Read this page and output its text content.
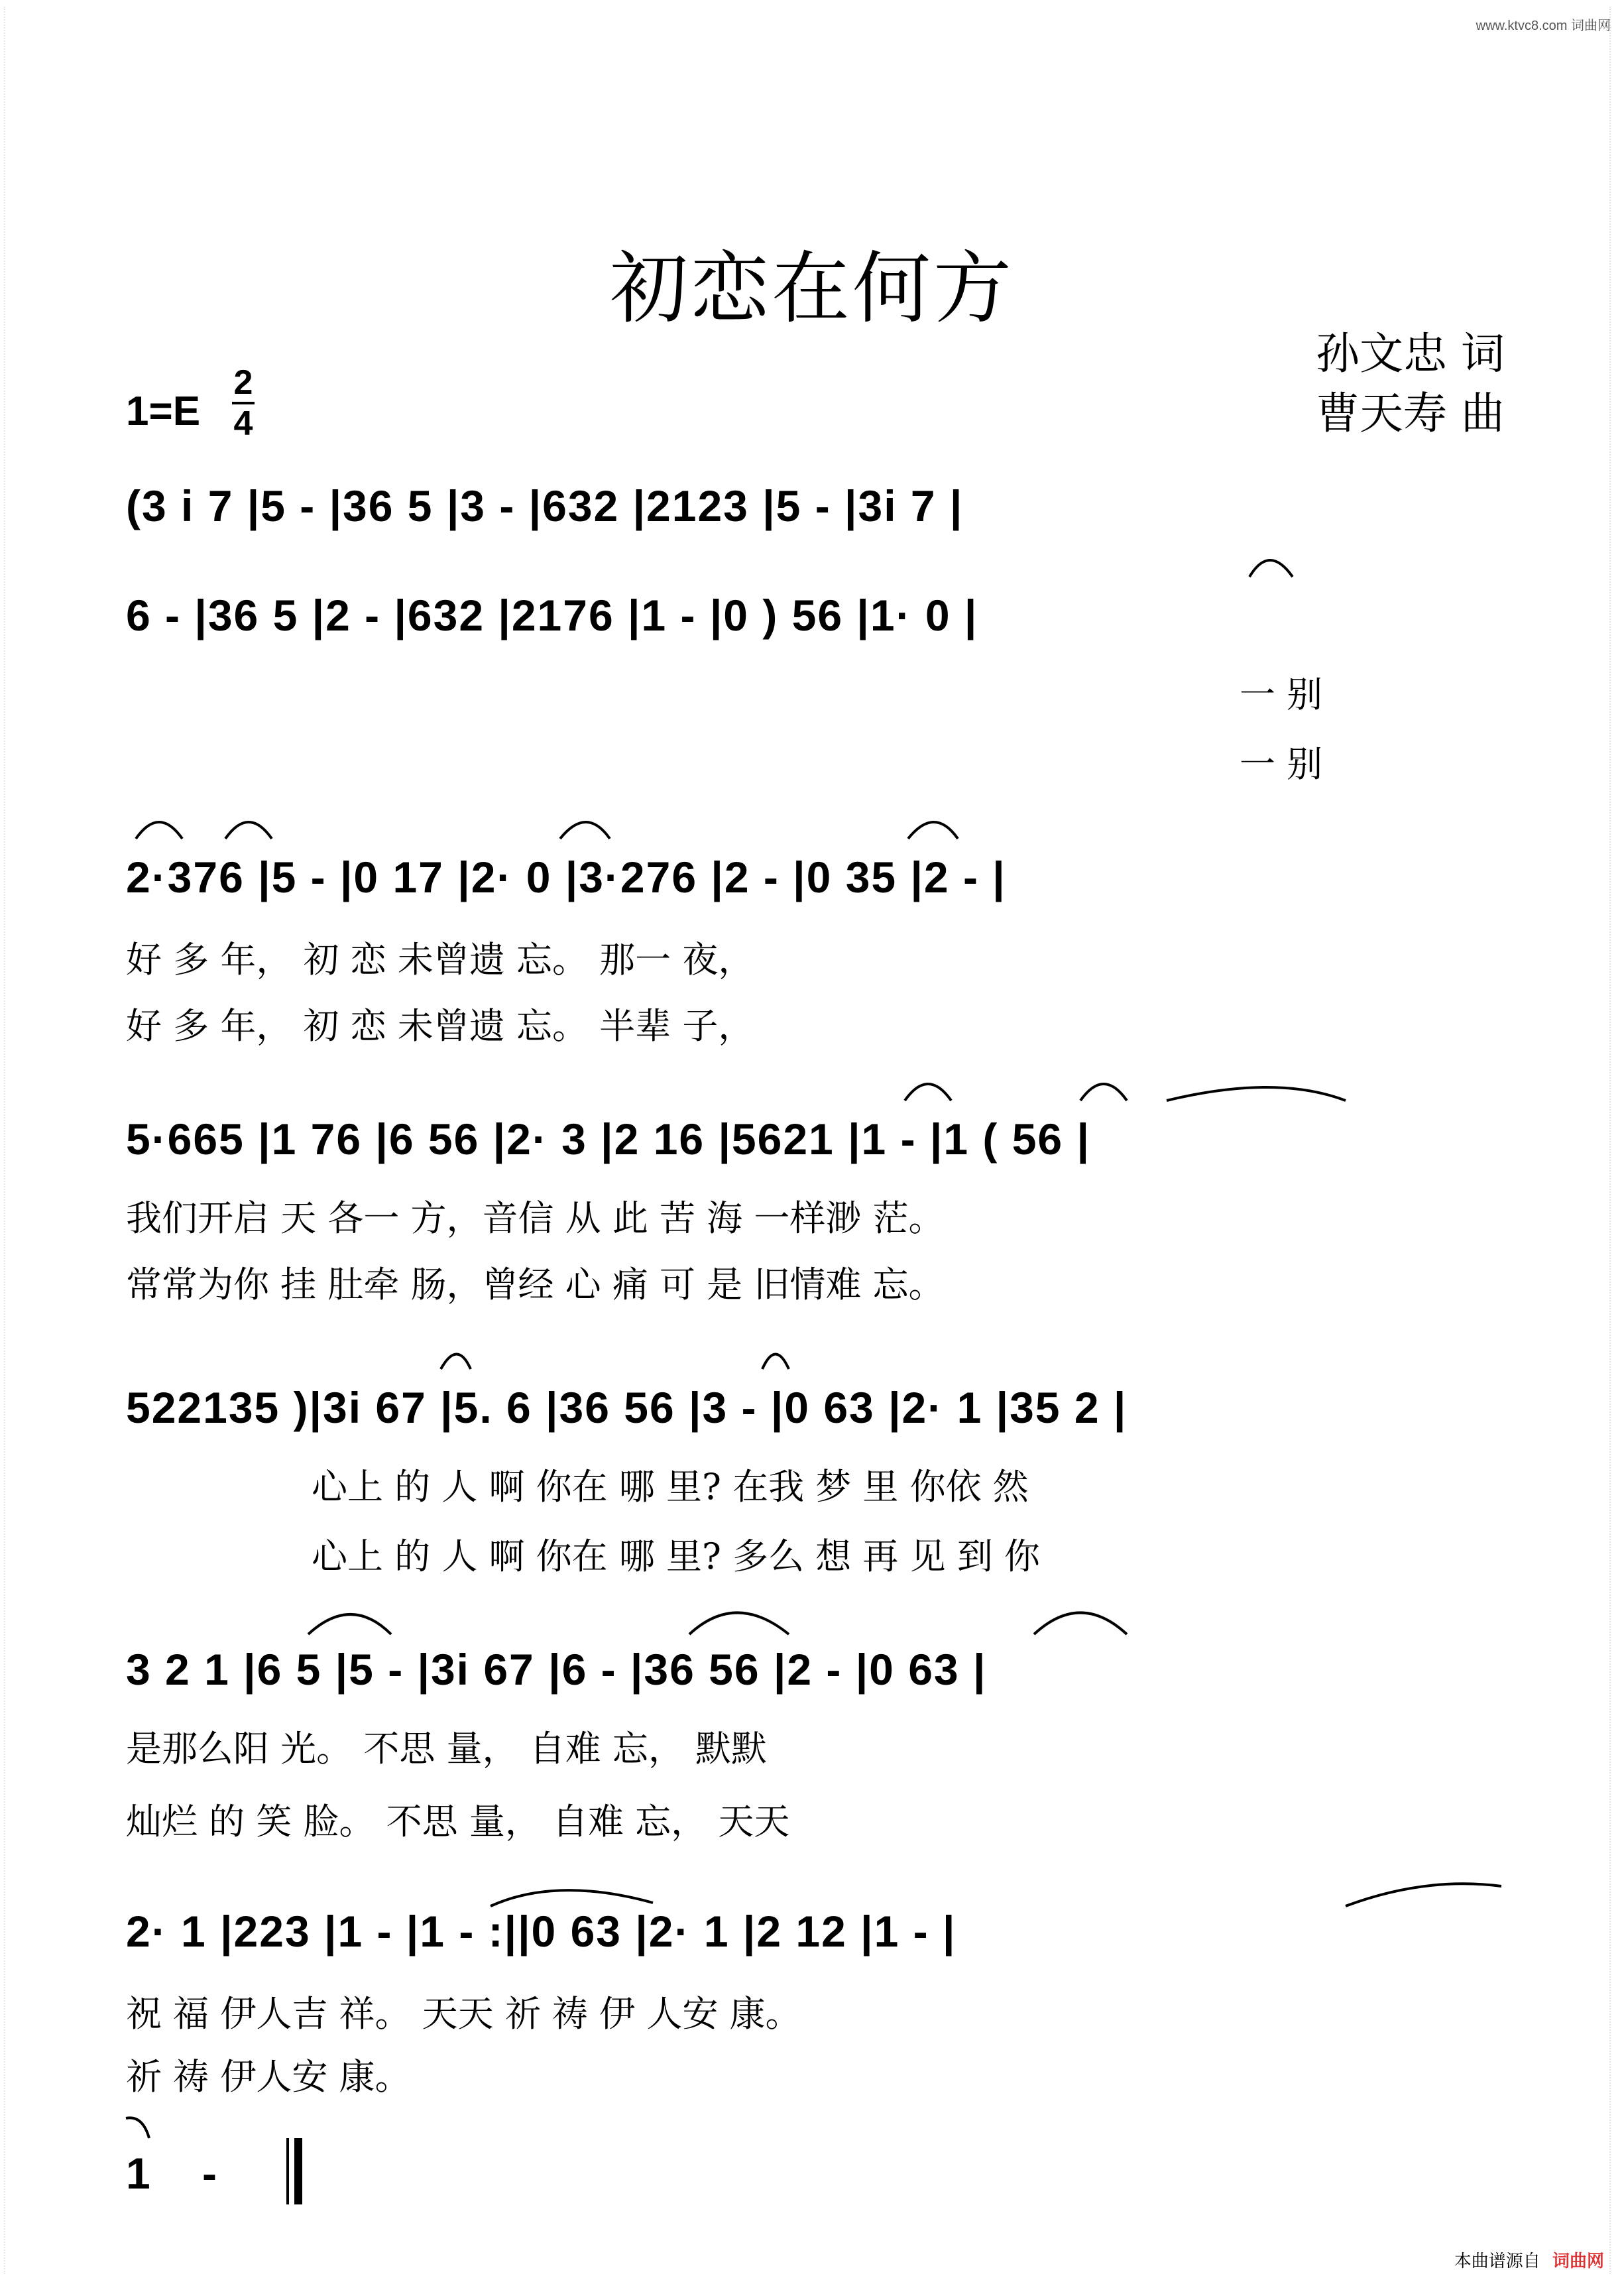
www.ktvc8.com 词曲网
初恋在何方
孙文忠 词
曹天寿 曲
1=E
2
4
(3 i 7 |5 - |36 5 |3 - |632 |2123 |5 - |3i 7 |
6 - |36 5 |2 - |632 |2176 |1 - |0 ) 56 |1· 0 |
一 别
一 别
2·376 |5 - |0 17 |2· 0 |3·276 |2 - |0 35 |2 - |
好 多 年， 初 恋 未曾遗 忘。 那一 夜，
好 多 年， 初 恋 未曾遗 忘。 半辈 子，
5·665 |1 76 |6 56 |2· 3 |2 16 |5621 |1 - |1 ( 56 |
我们开启 天 各一 方，音信 从 此 苦 海 一样渺 茫。
常常为你 挂 肚牵 肠，曾经 心 痛 可 是 旧情难 忘。
522135 )|3i 67 |5. 6 |36 56 |3 - |0 63 |2· 1 |35 2 |
心上 的 人 啊 你在 哪 里? 在我 梦 里 你依 然
心上 的 人 啊 你在 哪 里? 多么 想 再 见 到 你
3 2 1 |6 5 |5 - |3i 67 |6 - |36 56 |2 - |0 63 |
是那么阳 光。 不思 量， 自难 忘， 默默
灿烂 的 笑 脸。 不思 量， 自难 忘， 天天
2· 1 |223 |1 - |1 - :||0 63 |2· 1 |2 12 |1 - |
祝 福 伊人吉 祥。 天天 祈 祷 伊 人安 康。
祈 祷 伊人安 康。
1 -
本曲谱源自 词曲网
